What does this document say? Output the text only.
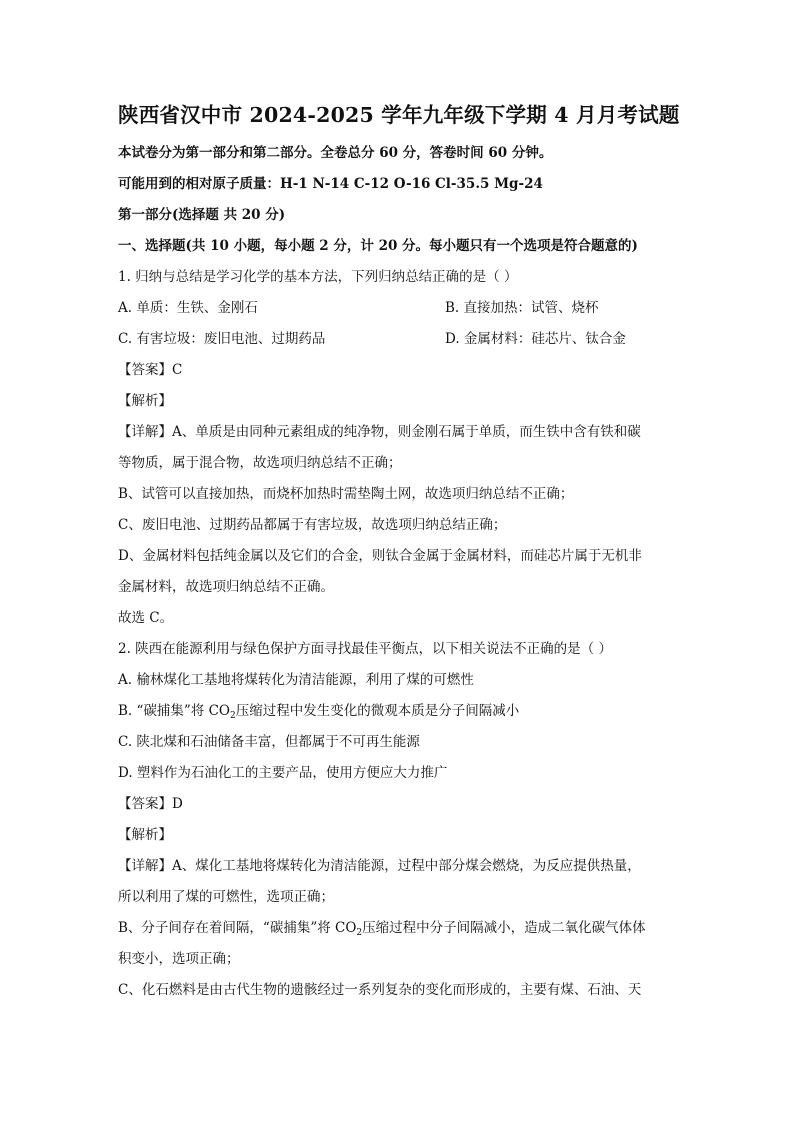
陕西省汉中市 2024-2025 学年九年级下学期 4 月月考试题
本试卷分为第一部分和第二部分。全卷总分 60 分，答卷时间 60 分钟。
可能用到的相对原子质量：H-1 N-14 C-12 O-16 Cl-35.5 Mg-24
第一部分(选择题 共 20 分)
一、选择题(共 10 小题，每小题 2 分，计 20 分。每小题只有一个选项是符合题意的)
1. 归纳与总结是学习化学的基本方法，下列归纳总结正确的是（ ）
A. 单质：生铁、金刚石	B. 直接加热：试管、烧杯
C. 有害垃圾：废旧电池、过期药品	D. 金属材料：硅芯片、钛合金
【答案】C
【解析】
【详解】A、单质是由同种元素组成的纯净物，则金刚石属于单质，而生铁中含有铁和碳
等物质，属于混合物，故选项归纳总结不正确；
B、试管可以直接加热，而烧杯加热时需垫陶土网，故选项归纳总结不正确；
C、废旧电池、过期药品都属于有害垃圾，故选项归纳总结正确；
D、金属材料包括纯金属以及它们的合金，则钛合金属于金属材料，而硅芯片属于无机非
金属材料，故选项归纳总结不正确。
故选 C。
2. 陕西在能源利用与绿色保护方面寻找最佳平衡点，以下相关说法不正确的是（ ）
A. 榆林煤化工基地将煤转化为清洁能源，利用了煤的可燃性
B. “碳捕集”将 $CO_2$压缩过程中发生变化的微观本质是分子间隔减小
C. 陕北煤和石油储备丰富，但都属于不可再生能源
D. 塑料作为石油化工的主要产品，使用方便应大力推广
【答案】D
【解析】
【详解】A、煤化工基地将煤转化为清洁能源，过程中部分煤会燃烧，为反应提供热量，
所以利用了煤的可燃性，选项正确；
B、分子间存在着间隔，“碳捕集”将 $CO_2$压缩过程中分子间隔减小，造成二氧化碳气体体
积变小，选项正确；
C、化石燃料是由古代生物的遗骸经过一系列复杂的变化而形成的，主要有煤、石油、天
